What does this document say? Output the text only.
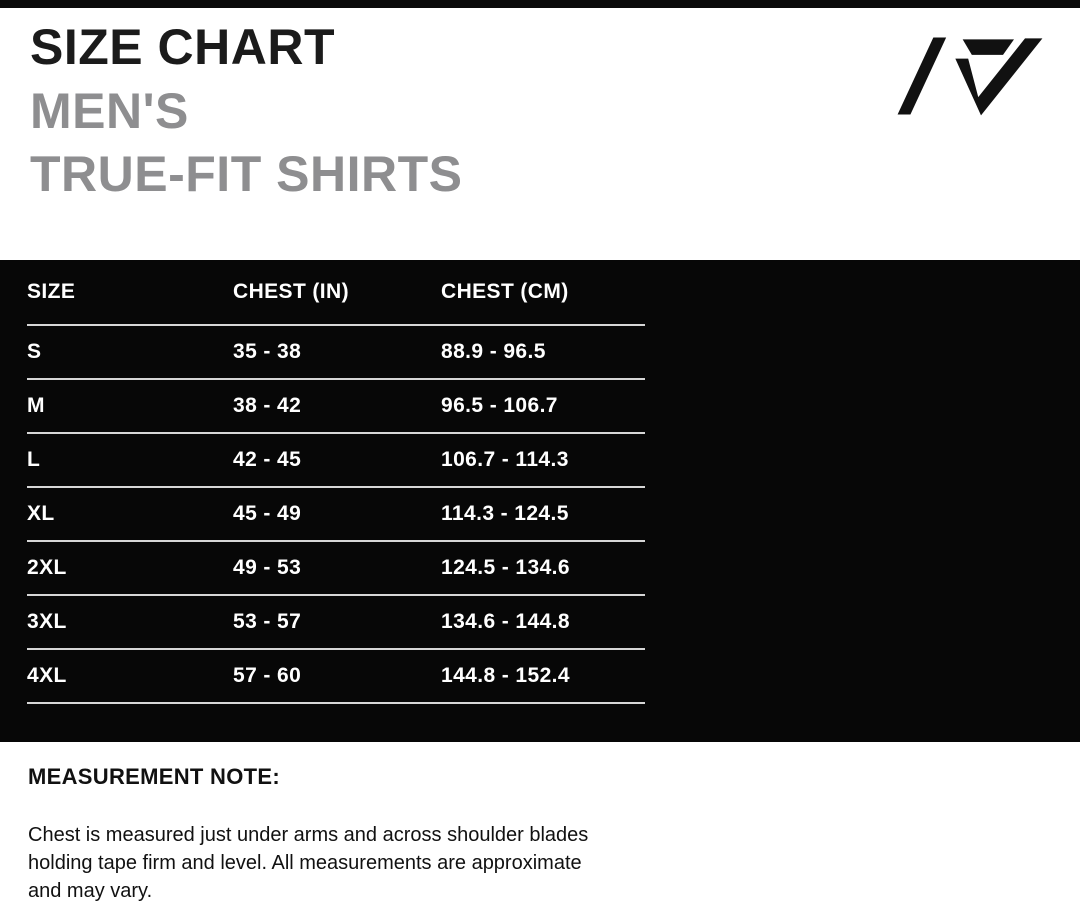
SIZE CHART
MEN'S
TRUE-FIT SHIRTS
SIZE	CHEST (IN)	CHEST (CM)
S	35 - 38	88.9 - 96.5
M	38 - 42	96.5 - 106.7
L	42 - 45	106.7 - 114.3
XL	45 - 49	114.3 - 124.5
2XL	49 - 53	124.5 - 134.6
3XL	53 - 57	134.6 - 144.8
4XL	57 - 60	144.8 - 152.4
MEASUREMENT NOTE:
Chest is measured just under arms and across shoulder blades
holding tape firm and level. All measurements are approximate
and may vary.
